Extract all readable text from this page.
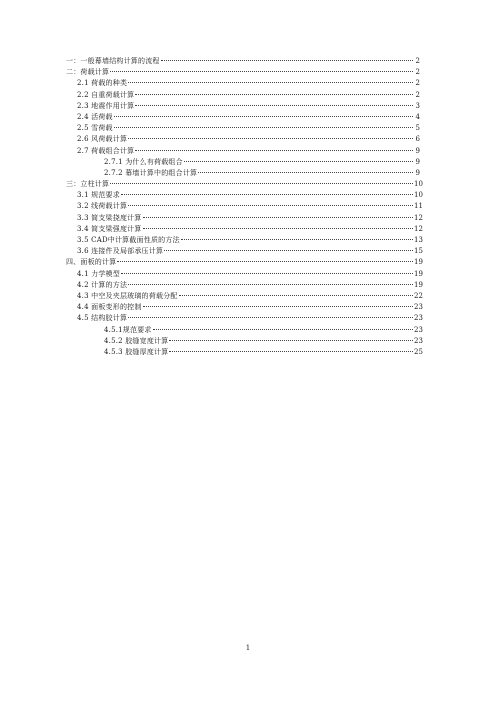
一：一般幕墙结构计算的流程	2
二：荷载计算	2
2.1 荷载的种类	2
2.2 自重荷载计算	2
2.3 地震作用计算	3
2.4 活荷载	4
2.5 雪荷载	5
2.6 风荷载计算	6
2.7 荷载组合计算	9
2.7.1 为什么有荷载组合	9
2.7.2 幕墙计算中的组合计算	9
三：立柱计算	10
3.1 规范要求	10
3.2 线荷载计算	11
3.3 简支梁挠度计算	12
3.4 简支梁强度计算	12
3.5 CAD中计算截面性质的方法	13
3.6 连接件及局部承压计算	15
四、面板的计算	19
4.1 力学模型	19
4.2 计算的方法	19
4.3 中空及夹层玻璃的荷载分配	22
4.4 面板变形的控制	23
4.5 结构胶计算	23
4.5.1规范要求	23
4.5.2 胶缝宽度计算	23
4.5.3 胶缝厚度计算	25
1
